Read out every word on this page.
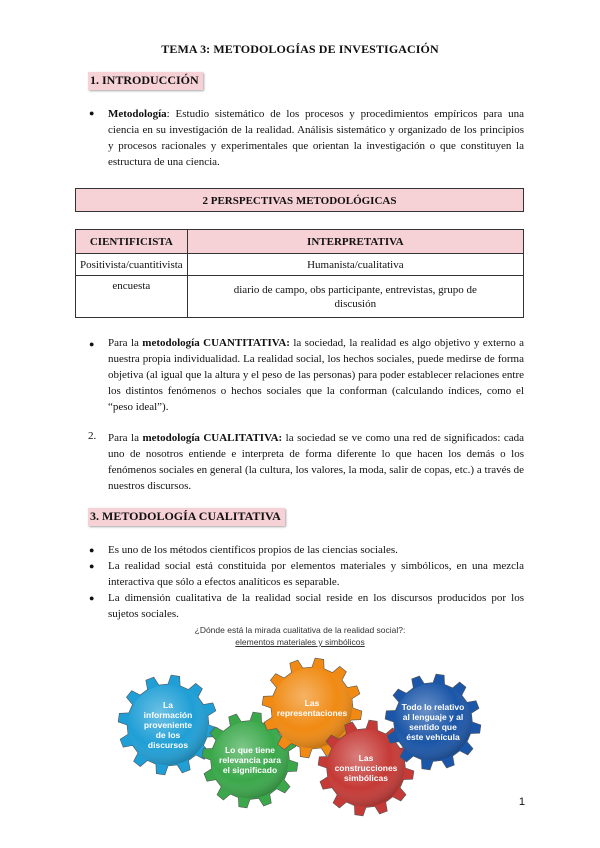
TEMA 3: METODOLOGÍAS DE INVESTIGACIÓN
1. INTRODUCCIÓN
● Metodología: Estudio sistemático de los procesos y procedimientos empíricos para una ciencia en su investigación de la realidad. Análisis sistemático y organizado de los principios y procesos racionales y experimentales que orientan la investigación o que constituyen la estructura de una ciencia.

2 PERSPECTIVAS METODOLÓGICAS
CIENTIFICISTA	INTERPRETATIVA
Positivista/cuantitivista	Humanista/cualitativa
encuesta	diario de campo, obs participante, entrevistas, grupo de discusión
● Para la metodología CUANTITATIVA: la sociedad, la realidad es algo objetivo y externo a nuestra propia individualidad. La realidad social, los hechos sociales, puede medirse de forma objetiva (al igual que la altura y el peso de las personas) para poder establecer relaciones entre los distintos fenómenos o hechos sociales que la conforman (calculando índices, como el “peso ideal”).

2. Para la metodología CUALITATIVA: la sociedad se ve como una red de significados: cada uno de nosotros entiende e interpreta de forma diferente lo que hacen los demás o los fenómenos sociales en general (la cultura, los valores, la moda, salir de copas, etc.) a través de nuestros discursos.

3. METODOLOGÍA CUALITATIVA
● Es uno de los métodos científicos propios de las ciencias sociales.

● La realidad social está constituida por elementos materiales y simbólicos, en una mezcla interactiva que sólo a efectos analíticos es separable.

● La dimensión cualitativa de la realidad social reside en los discursos producidos por los sujetos sociales.

¿Dónde está la mirada cualitativa de la realidad social?:
elementos materiales y simbólicos
La
información
proveniente
de los
discursos	Lo que tiene
relevancia para
el significado
Las
representaciones
Las
construcciones
simbólicas
Todo lo relativo
al lenguaje y al
sentido que
éste vehícula
1
